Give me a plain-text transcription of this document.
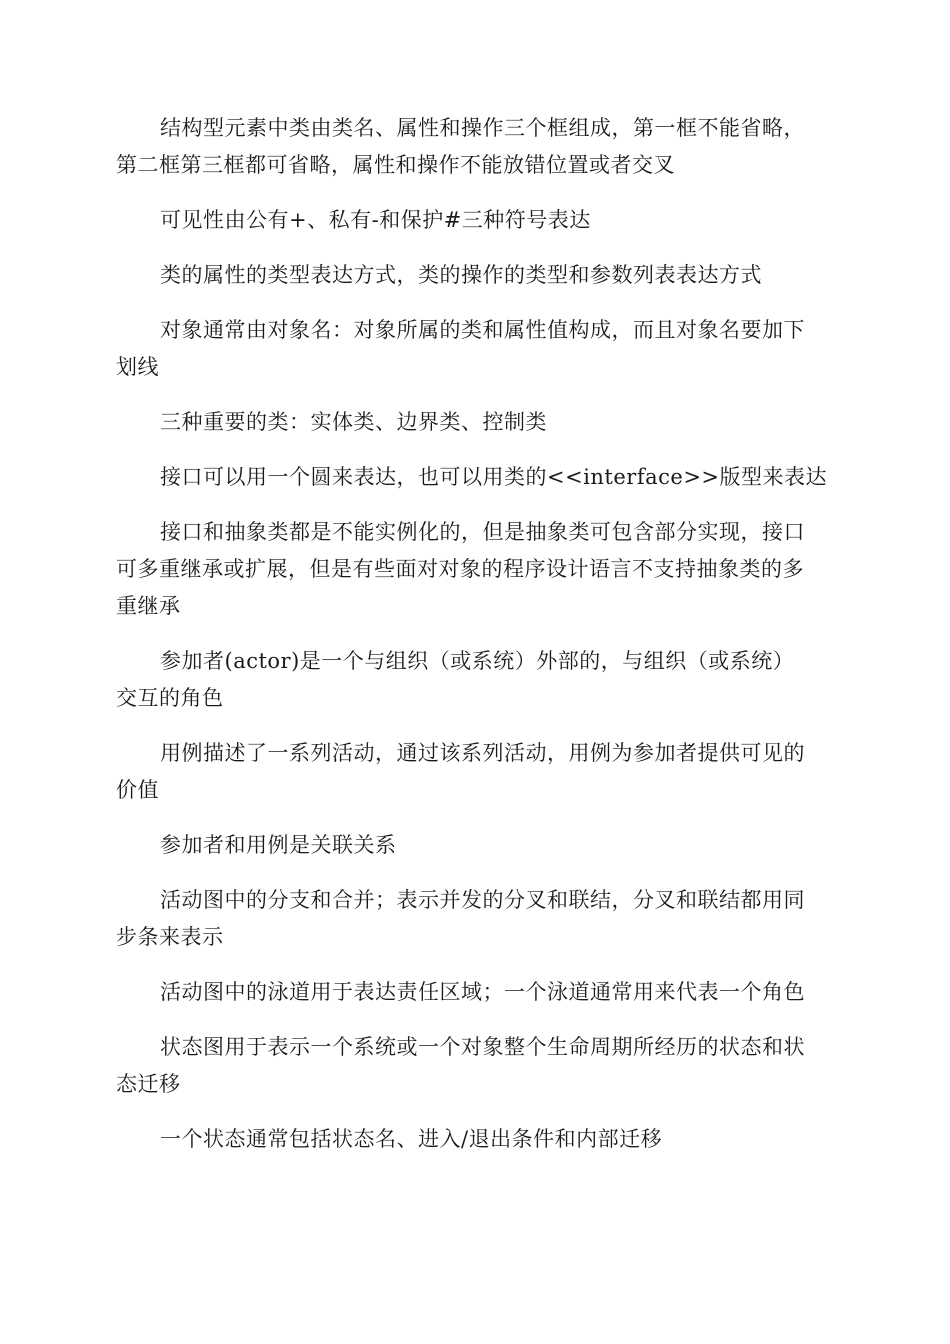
结构型元素中类由类名、属性和操作三个框组成，第一框不能省略，
第二框第三框都可省略，属性和操作不能放错位置或者交叉

可见性由公有+、私有-和保护#三种符号表达

类的属性的类型表达方式，类的操作的类型和参数列表表达方式

对象通常由对象名：对象所属的类和属性值构成，而且对象名要加下
划线

三种重要的类：实体类、边界类、控制类

接口可以用一个圆来表达，也可以用类的<<interface>>版型来表达

接口和抽象类都是不能实例化的，但是抽象类可包含部分实现，接口
可多重继承或扩展，但是有些面对对象的程序设计语言不支持抽象类的多
重继承

参加者(actor)是一个与组织（或系统）外部的，与组织（或系统）
交互的角色

用例描述了一系列活动，通过该系列活动，用例为参加者提供可见的
价值

参加者和用例是关联关系

活动图中的分支和合并；表示并发的分叉和联结，分叉和联结都用同
步条来表示

活动图中的泳道用于表达责任区域；一个泳道通常用来代表一个角色

状态图用于表示一个系统或一个对象整个生命周期所经历的状态和状
态迁移

一个状态通常包括状态名、进入/退出条件和内部迁移
